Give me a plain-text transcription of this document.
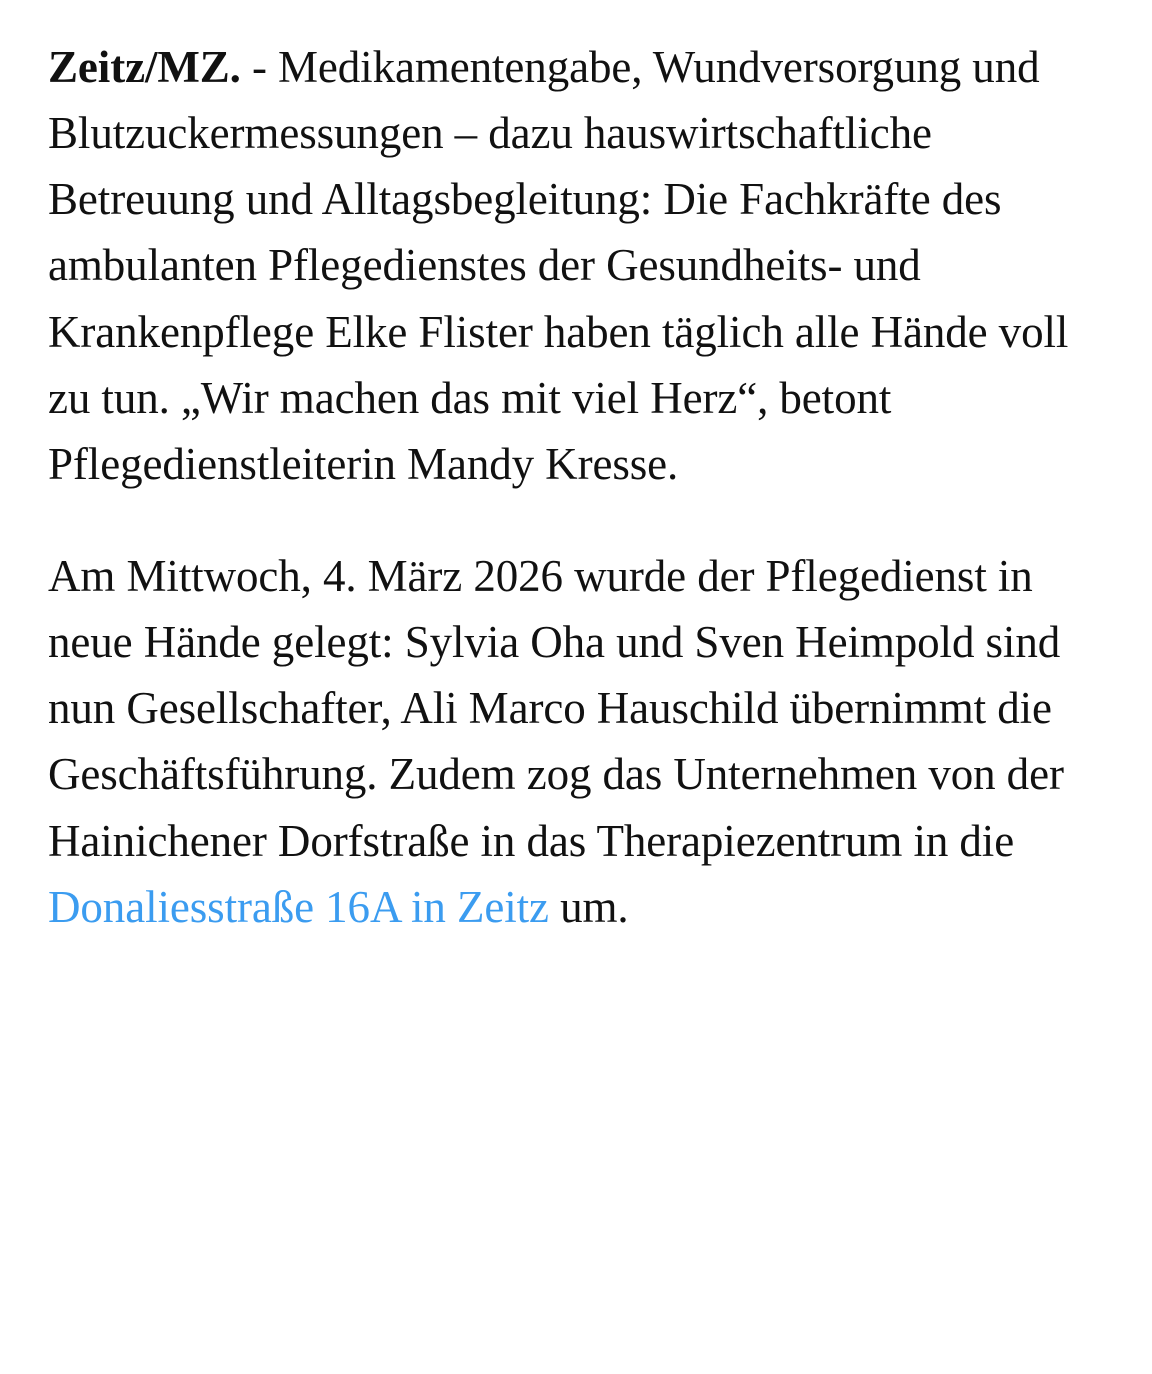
Zeitz/MZ. - Medikamentengabe, Wundversorgung und Blutzuckermessungen – dazu hauswirtschaftliche Betreuung und Alltagsbegleitung: Die Fachkräfte des ambulanten Pflegedienstes der Gesundheits- und Krankenpflege Elke Flister haben täglich alle Hände voll zu tun. „Wir machen das mit viel Herz“, betont Pflegedienstleiterin Mandy Kresse.

Am Mittwoch, 4. März 2026 wurde der Pflegedienst in neue Hände gelegt: Sylvia Oha und Sven Heimpold sind nun Gesellschafter, Ali Marco Hauschild übernimmt die Geschäftsführung. Zudem zog das Unternehmen von der Hainichener Dorfstraße in das Therapiezentrum in die Donaliesstraße 16A in Zeitz um.
